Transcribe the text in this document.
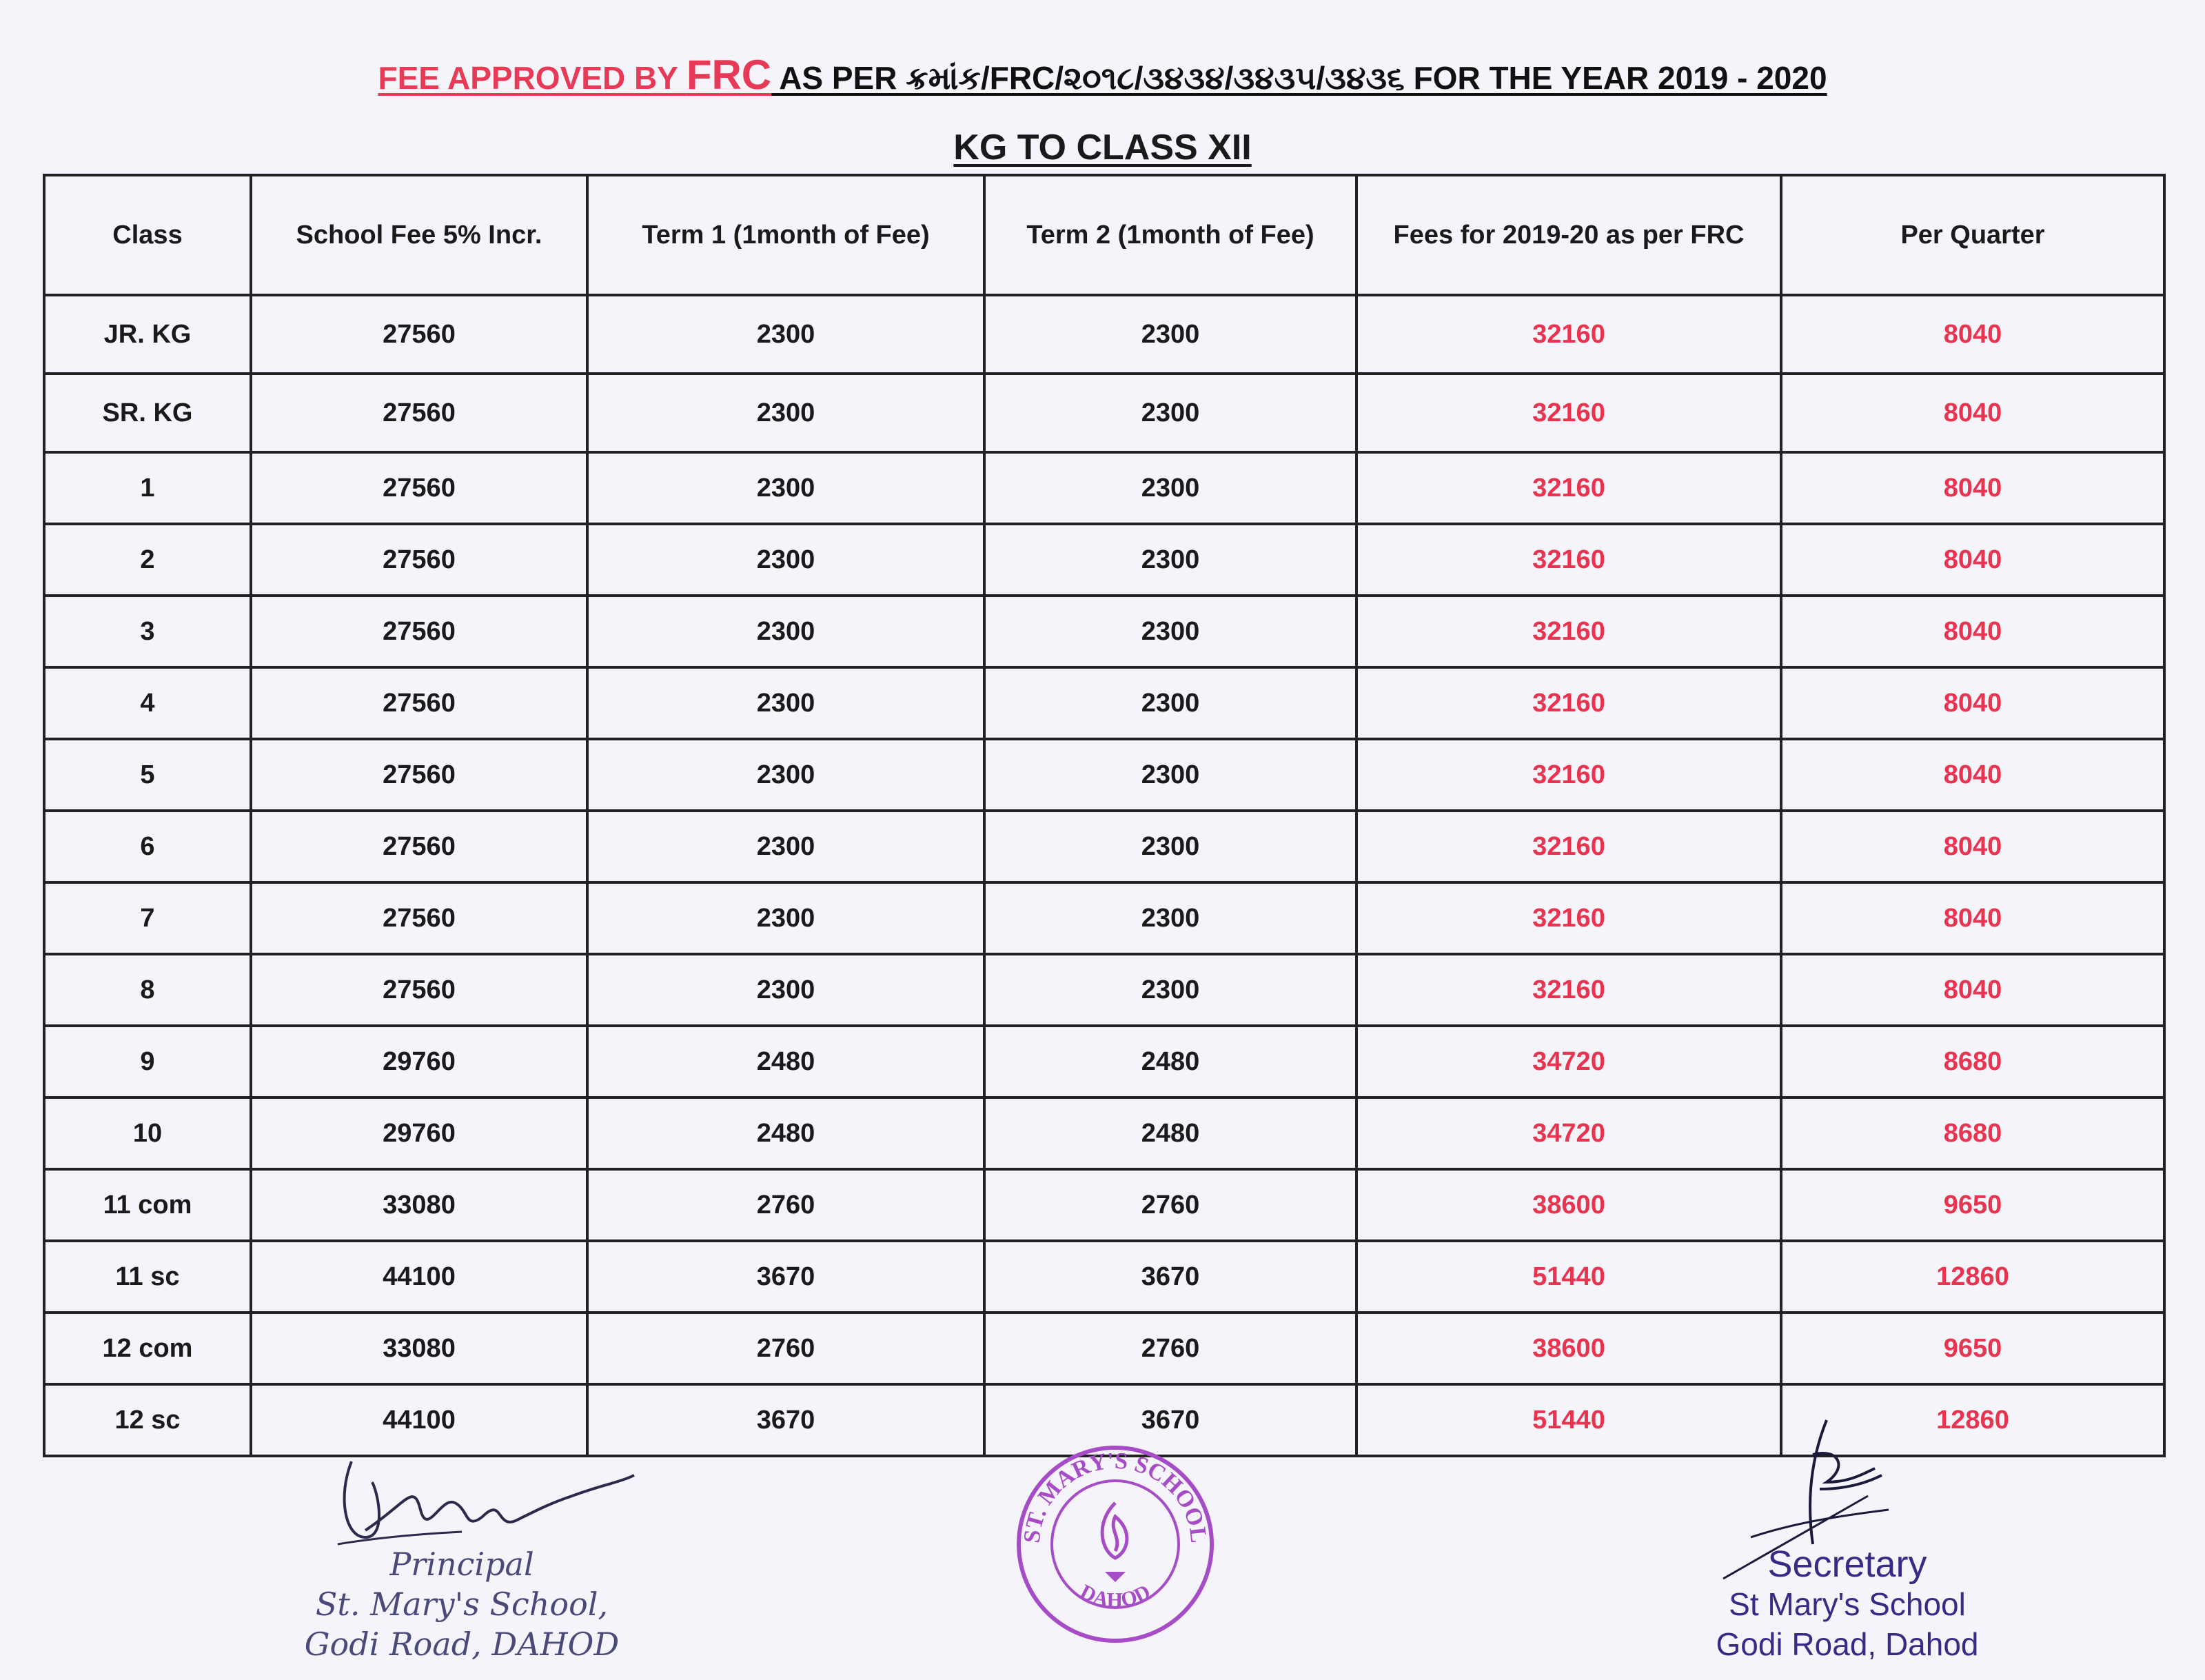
FEE APPROVED BY FRC AS PER ક્રમાંક/FRC/૨૦૧૮/૩૪૩૪/૩૪૩૫/૩૪૩૬ FOR THE YEAR 2019 - 2020
KG TO CLASS XII
Class	School Fee 5% Incr.	Term 1 (1month of Fee)	Term 2 (1month of Fee)	Fees for 2019-20 as per FRC	Per Quarter
JR. KG	27560	2300	2300	32160	8040
SR. KG	27560	2300	2300	32160	8040
1	27560	2300	2300	32160	8040
2	27560	2300	2300	32160	8040
3	27560	2300	2300	32160	8040
4	27560	2300	2300	32160	8040
5	27560	2300	2300	32160	8040
6	27560	2300	2300	32160	8040
7	27560	2300	2300	32160	8040
8	27560	2300	2300	32160	8040
9	29760	2480	2480	34720	8680
10	29760	2480	2480	34720	8680
11 com	33080	2760	2760	38600	9650
11 sc	44100	3670	3670	51440	12860
12 com	33080	2760	2760	38600	9650
12 sc	44100	3670	3670	51440	12860
Principal
St. Mary's School,
Godi Road, DAHOD
ST. MARY'S SCHOOL
DAHOD
Secretary
St Mary's School
Godi Road, Dahod
